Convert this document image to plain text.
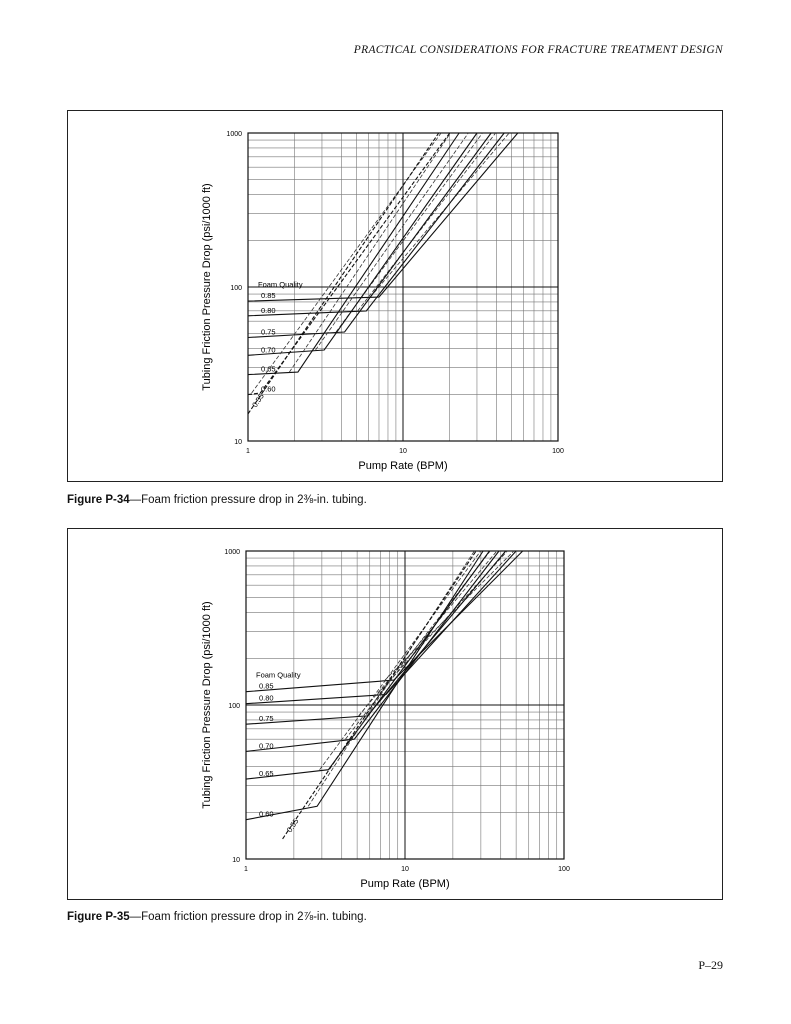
PRACTICAL CONSIDERATIONS FOR FRACTURE TREATMENT DESIGN
1	10	100
10
100
1000
Pump Rate (BPM)
Tubing Friction Pressure Drop (psi/1000 ft)	Foam Quality
0.85
0.80
0.75
0.70
0.65
0.60
0.55
Figure P-34—Foam friction pressure drop in 2⅜-in. tubing.
1	10	100
10
100
1000
Pump Rate (BPM)
Tubing Friction Pressure Drop (psi/1000 ft)	Foam Quality
0.85
0.80
0.75
0.70
0.65
0.60
0.55
Figure P-35—Foam friction pressure drop in 2⅞-in. tubing.
P–29
